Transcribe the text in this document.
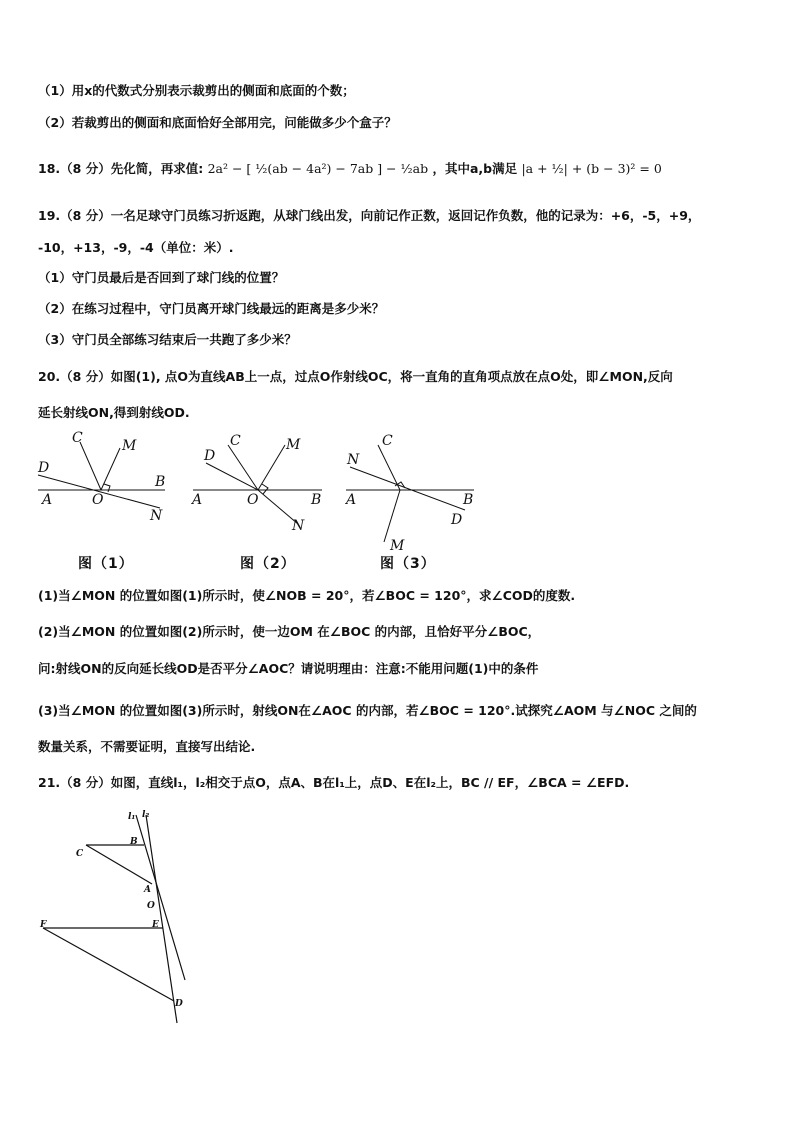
（1）用x的代数式分别表示裁剪出的侧面和底面的个数；
（2）若裁剪出的侧面和底面恰好全部用完，问能做多少个盒子？
18.（8 分）先化简，再求值: 2a² − [ ½(ab − 4a²) − 7ab ] − ½ab ，其中a,b满足 |a + ½| + (b − 3)² = 0
19.（8 分）一名足球守门员练习折返跑，从球门线出发，向前记作正数，返回记作负数，他的记录为：+6，-5，+9，
-10，+13，-9，-4（单位：米）.
（1）守门员最后是否回到了球门线的位置？
（2）在练习过程中，守门员离开球门线最远的距离是多少米？
（3）守门员全部练习结束后一共跑了多少米？
20.（8 分）如图(1), 点O为直线AB上一点，过点O作射线OC，将一直角的直角项点放在点O处，即∠MON,反向
延长射线ON,得到射线OD.
C	M
D
B
A	O
N
C	M
D
A	O	B
N
C
N
A	B
D
M
图（1）	图（2）	图（3）
(1)当∠MON 的位置如图(1)所示时，使∠NOB = 20°，若∠BOC = 120°，求∠COD的度数.
(2)当∠MON 的位置如图(2)所示时，使一边OM 在∠BOC 的内部，且恰好平分∠BOC，
问:射线ON的反向延长线OD是否平分∠AOC？请说明理由：注意:不能用问题(1)中的条件
(3)当∠MON 的位置如图(3)所示时，射线ON在∠AOC 的内部，若∠BOC = 120°.试探究∠AOM 与∠NOC 之间的
数量关系，不需要证明，直接写出结论.
21.（8 分）如图，直线l₁，l₂相交于点O，点A、B在l₁上，点D、E在l₂上，BC // EF，∠BCA = ∠EFD.
l₁ l₂
B
C
A
O
E
F
D
